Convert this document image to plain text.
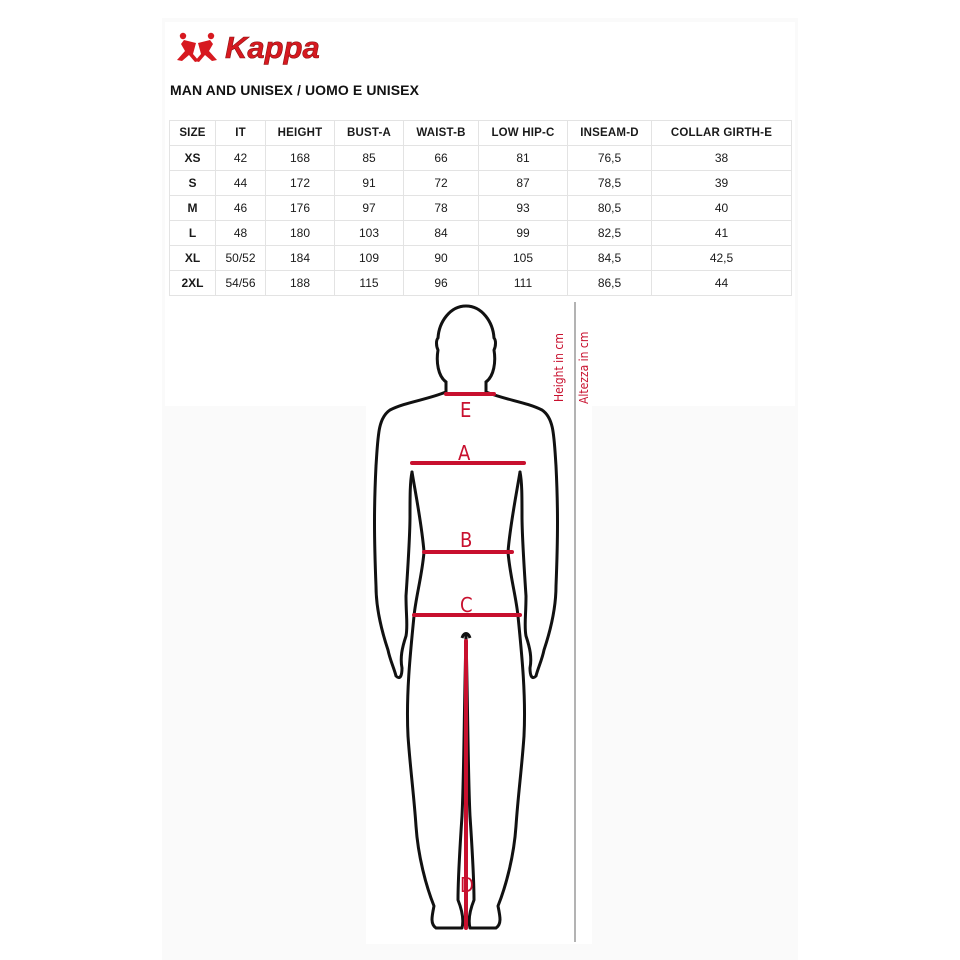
Kappa
MAN AND UNISEX / UOMO E UNISEX
SIZE	IT	HEIGHT	BUST-A	WAIST-B	LOW HIP-C	INSEAM-D	COLLAR GIRTH-E
XS	42	168	85	66	81	76,5	38
S	44	172	91	72	87	78,5	39
M	46	176	97	78	93	80,5	40
L	48	180	103	84	99	82,5	41
XL	50/52	184	109	90	105	84,5	42,5
2XL	54/56	188	115	96	111	86,5	44
E
A
B
C
D
Height in cm Altezza in cm
